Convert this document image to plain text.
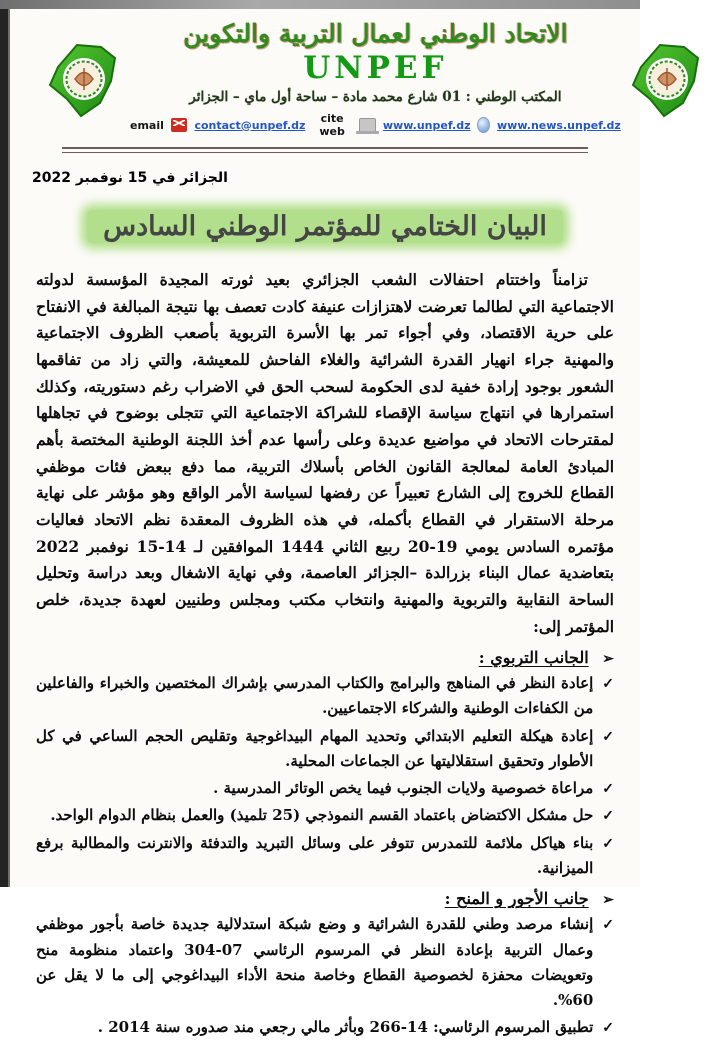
الاتحاد الوطني لعمال التربية والتكوين
UNPEF
المكتب الوطني : 01 شارع محمد مادة – ساحة أول ماي – الجزائر
email	contact@unpef.dz	cite web	www.unpef.dz www.news.unpef.dz
الجزائر في 15 نوفمبر 2022
البيان الختامي للمؤتمر الوطني السادس

تزامناً واختتام احتفالات الشعب الجزائري بعيد ثورته المجيدة المؤسسة لدولته الاجتماعية التي لطالما تعرضت لاهتزازات عنيفة كادت تعصف بها نتيجة المبالغة في الانفتاح على حرية الاقتصاد، وفي أجواء تمر بها الأسرة التربوية بأصعب الظروف الاجتماعية والمهنية جراء انهيار القدرة الشرائية والغلاء الفاحش للمعيشة، والتي زاد من تفاقمها الشعور بوجود إرادة خفية لدى الحكومة لسحب الحق في الاضراب رغم دستوريته، وكذلك استمرارها في انتهاج سياسة الإقصاء للشراكة الاجتماعية التي تتجلى بوضوح في تجاهلها لمقترحات الاتحاد في مواضيع عديدة وعلى رأسها عدم أخذ اللجنة الوطنية المختصة بأهم المبادئ العامة لمعالجة القانون الخاص بأسلاك التربية، مما دفع ببعض فئات موظفي القطاع للخروج إلى الشارع تعبيراً عن رفضها لسياسة الأمر الواقع وهو مؤشر على نهاية مرحلة الاستقرار في القطاع بأكمله، في هذه الظروف المعقدة نظم الاتحاد فعاليات مؤتمره السادس يومي 19-20 ربيع الثاني 1444 الموافقين لـ 14-15 نوفمبر 2022 بتعاضدية عمال البناء بزرالدة –الجزائر العاصمة، وفي نهاية الاشغال وبعد دراسة وتحليل الساحة النقابية والتربوية والمهنية وانتخاب مكتب ومجلس وطنيين لعهدة جديدة، خلص المؤتمر إلى:

➢ الجانب التربوي :
✓
إعادة النظر في المناهج والبرامج والكتاب المدرسي بإشراك المختصين والخبراء والفاعلين من الكفاءات الوطنية والشركاء الاجتماعيين.
✓
إعادة هيكلة التعليم الابتدائي وتحديد المهام البيداغوجية وتقليص الحجم الساعي في كل الأطوار وتحقيق استقلاليتها عن الجماعات المحلية.
✓
مراعاة خصوصية ولايات الجنوب فيما يخص الوتائر المدرسية .
✓
حل مشكل الاكتضاض باعتماد القسم النموذجي (25 تلميذ) والعمل بنظام الدوام الواحد.
✓
بناء هياكل ملائمة للتمدرس تتوفر على وسائل التبريد والتدفئة والانترنت والمطالبة برفع الميزانية.
➢ جانب الأجور و المنح :
✓
إنشاء مرصد وطني للقدرة الشرائية و وضع شبكة استدلالية جديدة خاصة بأجور موظفي وعمال التربية بإعادة النظر في المرسوم الرئاسي 07-304 واعتماد منظومة منح وتعويضات محفزة لخصوصية القطاع وخاصة منحة الأداء البيداغوجي إلى ما لا يقل عن 60%.
✓
تطبيق المرسوم الرئاسي: 14-266 وبأثر مالي رجعي مند صدوره سنة 2014 .
